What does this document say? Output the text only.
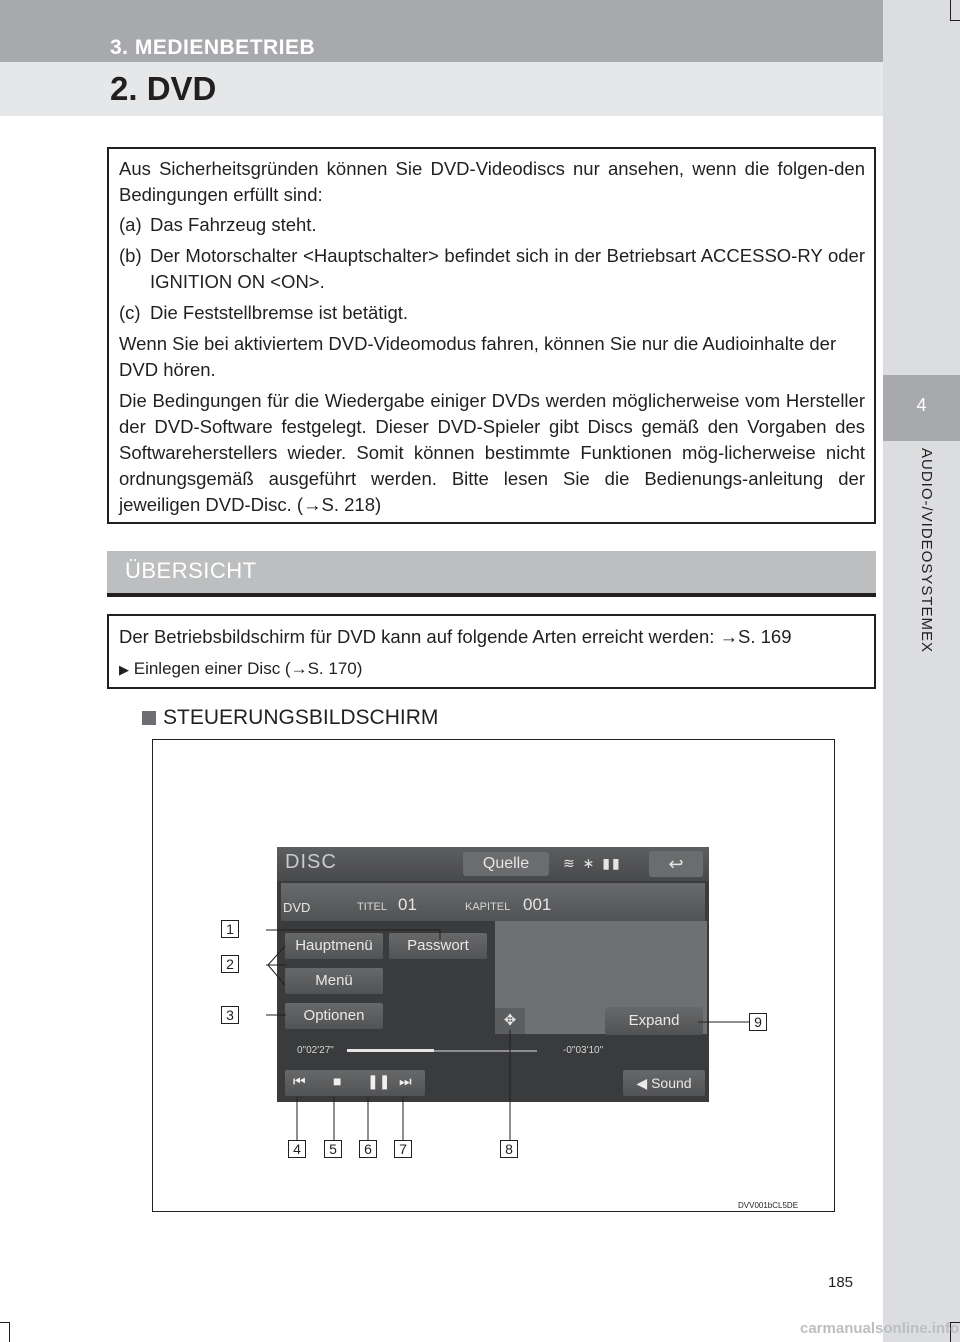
3. MEDIENBETRIEB
2. DVD
4
AUDIO-/VIDEOSYSTEMEX

Aus Sicherheitsgründen können Sie DVD-Videodiscs nur ansehen, wenn die folgen-den Bedingungen erfüllt sind:

(a) Das Fahrzeug steht.

(b) Der Motorschalter <Hauptschalter> befindet sich in der Betriebsart ACCESSO-RY oder IGNITION ON <ON>.

(c) Die Feststellbremse ist betätigt.

Wenn Sie bei aktiviertem DVD-Videomodus fahren, können Sie nur die Audioinhalte der DVD hören.

Die Bedingungen für die Wiedergabe einiger DVDs werden möglicherweise vom Hersteller der DVD-Software festgelegt. Dieser DVD-Spieler gibt Discs gemäß den Vorgaben des Softwareherstellers wieder. Somit können bestimmte Funktionen mög-licherweise nicht ordnungsgemäß ausgeführt werden. Bitte lesen Sie die Bedienungs-anleitung der jeweiligen DVD-Disc. (→S. 218)

ÜBERSICHT

Der Betriebsbildschirm für DVD kann auf folgende Arten erreicht werden: →S. 169

▶ Einlegen einer Disc (→S. 170)

STEUERUNGSBILDSCHIRM
DVV001bCL5DE
DISC	Quelle	≋ ∗ ▮▮	↩
DVD	TITEL 01	KAPITEL 001
Hauptmenü	Passwort
Menü
Optionen	✥	Expand
0"02'27"	-0"03'10"
⏮ ■ ❚❚ ⏭	◀ Sound
1
2
3
4	5	6	7	8
9
185
carmanualsonline.info
